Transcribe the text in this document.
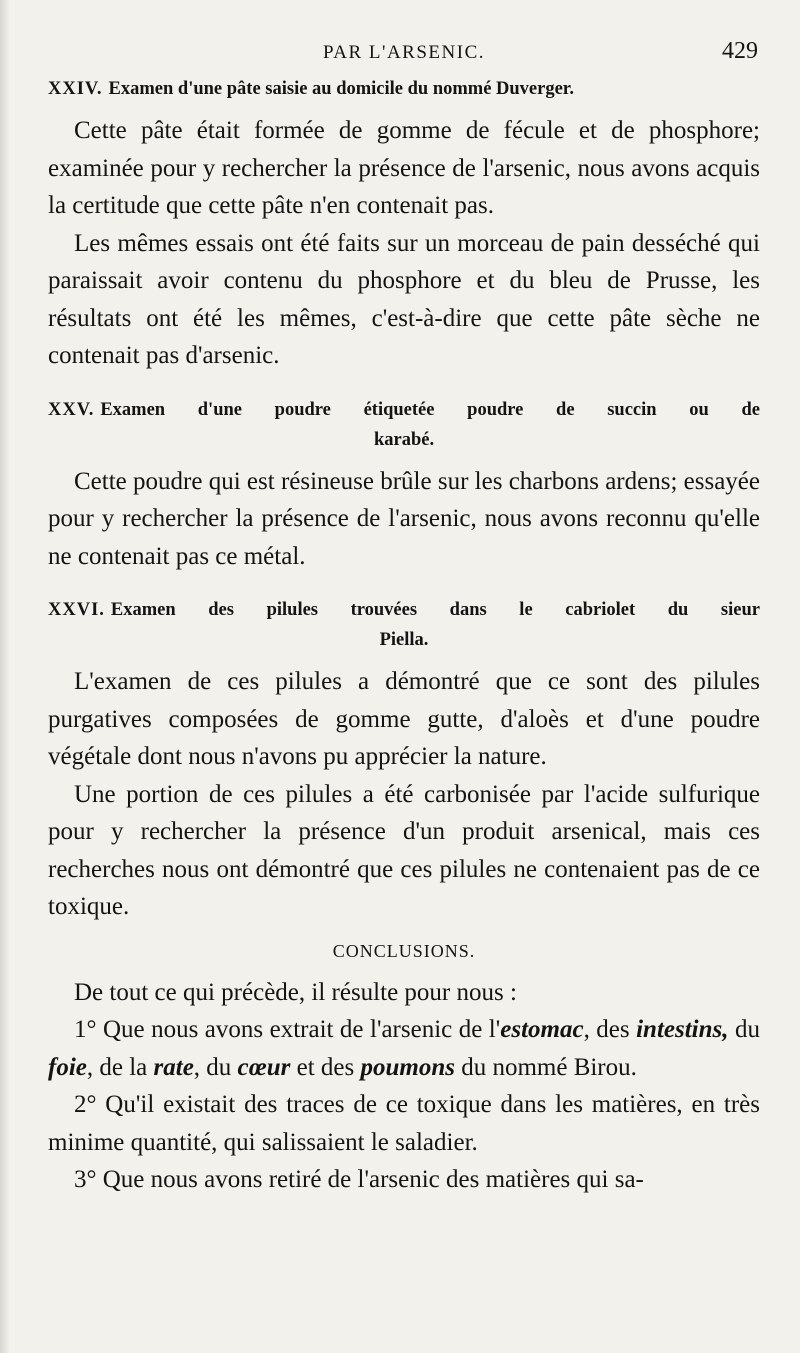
PAR L'ARSENIC.	429
XXIV. Examen d'une pâte saisie au domicile du nommé Duverger.

Cette pâte était formée de gomme de fécule et de phosphore; examinée pour y rechercher la présence de l'arsenic, nous avons acquis la certitude que cette pâte n'en contenait pas.

Les mêmes essais ont été faits sur un morceau de pain desséché qui paraissait avoir contenu du phosphore et du bleu de Prusse, les résultats ont été les mêmes, c'est-à-dire que cette pâte sèche ne contenait pas d'arsenic.

XXV. Examen d'une poudre étiquetée poudre de succin ou de
karabé.

Cette poudre qui est résineuse brûle sur les charbons ardens; essayée pour y rechercher la présence de l'arsenic, nous avons reconnu qu'elle ne contenait pas ce métal.

XXVI. Examen des pilules trouvées dans le cabriolet du sieur
Piella.

L'examen de ces pilules a démontré que ce sont des pilules purgatives composées de gomme gutte, d'aloès et d'une poudre végétale dont nous n'avons pu apprécier la nature.

Une portion de ces pilules a été carbonisée par l'acide sulfurique pour y rechercher la présence d'un produit arsenical, mais ces recherches nous ont démontré que ces pilules ne contenaient pas de ce toxique.

CONCLUSIONS.

De tout ce qui précède, il résulte pour nous :

1° Que nous avons extrait de l'arsenic de l'estomac, des intestins, du foie, de la rate, du cœur et des poumons du nommé Birou.

2° Qu'il existait des traces de ce toxique dans les matières, en très minime quantité, qui salissaient le saladier.

3° Que nous avons retiré de l'arsenic des matières qui sa-
